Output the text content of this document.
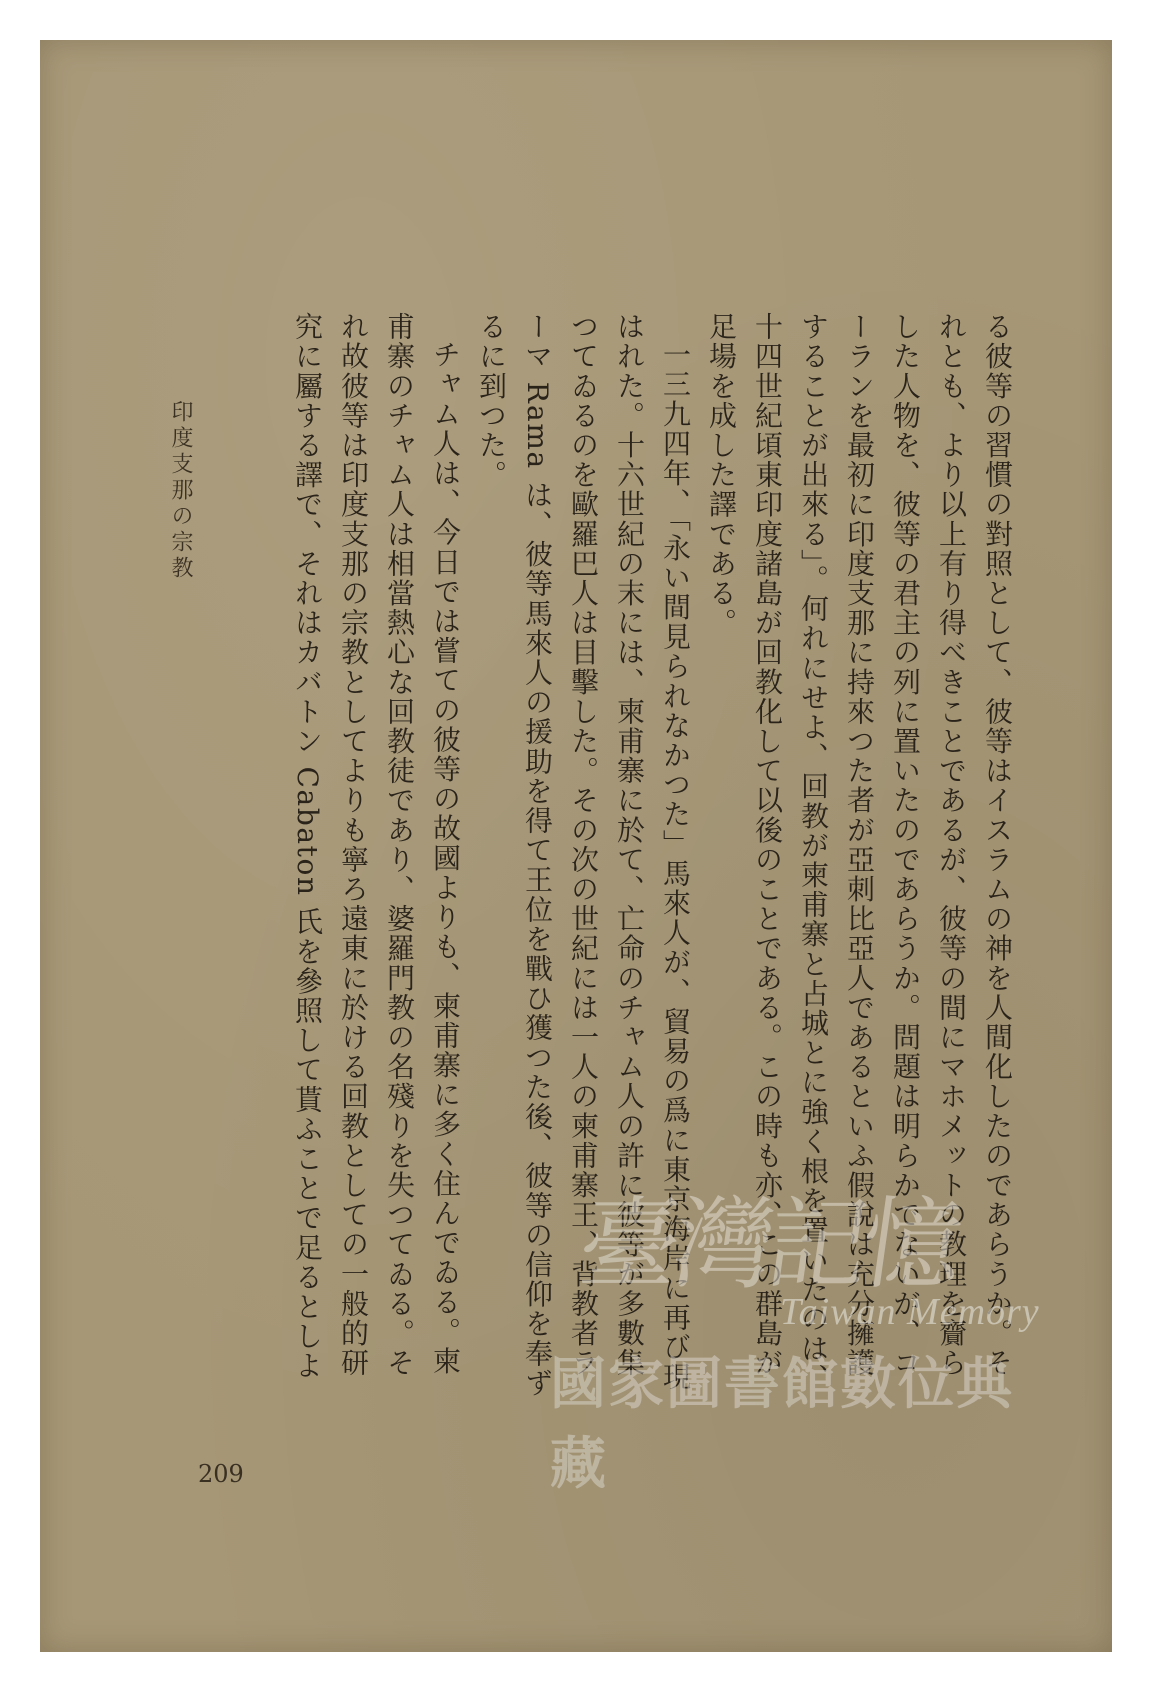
る彼等の習慣の對照として、彼等はイスラムの神を人間化したのであらうか。それとも、より以上有り得べきことであるが、彼等の間にマホメットの教理を齎らした人物を、彼等の君主の列に置いたのであらうか。問題は明らかでないが、コーランを最初に印度支那に持來つた者が亞刺比亞人であるといふ假說は充分擁護することが出來る」。何れにせよ、回教が柬甫寨と占城とに強く根を置いたのは、十四世紀頃東印度諸島が回教化して以後のことである。この時も亦、この群島が足場を成した譯である。

一三九四年、「永い間見られなかつた」馬來人が、貿易の爲に東京海岸に再び現はれた。十六世紀の末には、柬甫寨に於て、亡命のチャム人の許に彼等が多數集つてゐるのを歐羅巴人は目擊した。その次の世紀には一人の柬甫寨王、背教者ラーマ Rama は、彼等馬來人の援助を得て王位を戰ひ獲つた後、彼等の信仰を奉ずるに到つた。

チャム人は、今日では嘗ての彼等の故國よりも、柬甫寨に多く住んでゐる。柬甫寨のチャム人は相當熱心な回教徒であり、婆羅門教の名殘りを失つてゐる。それ故彼等は印度支那の宗教としてよりも寧ろ遠東に於ける回教としての一般的研究に屬する譯で、それはカバトン Cabaton 氏を參照して貰ふことで足るとしよ

印度支那の宗教
209
臺灣記憶
Taiwan Memory
國家圖書館數位典藏
